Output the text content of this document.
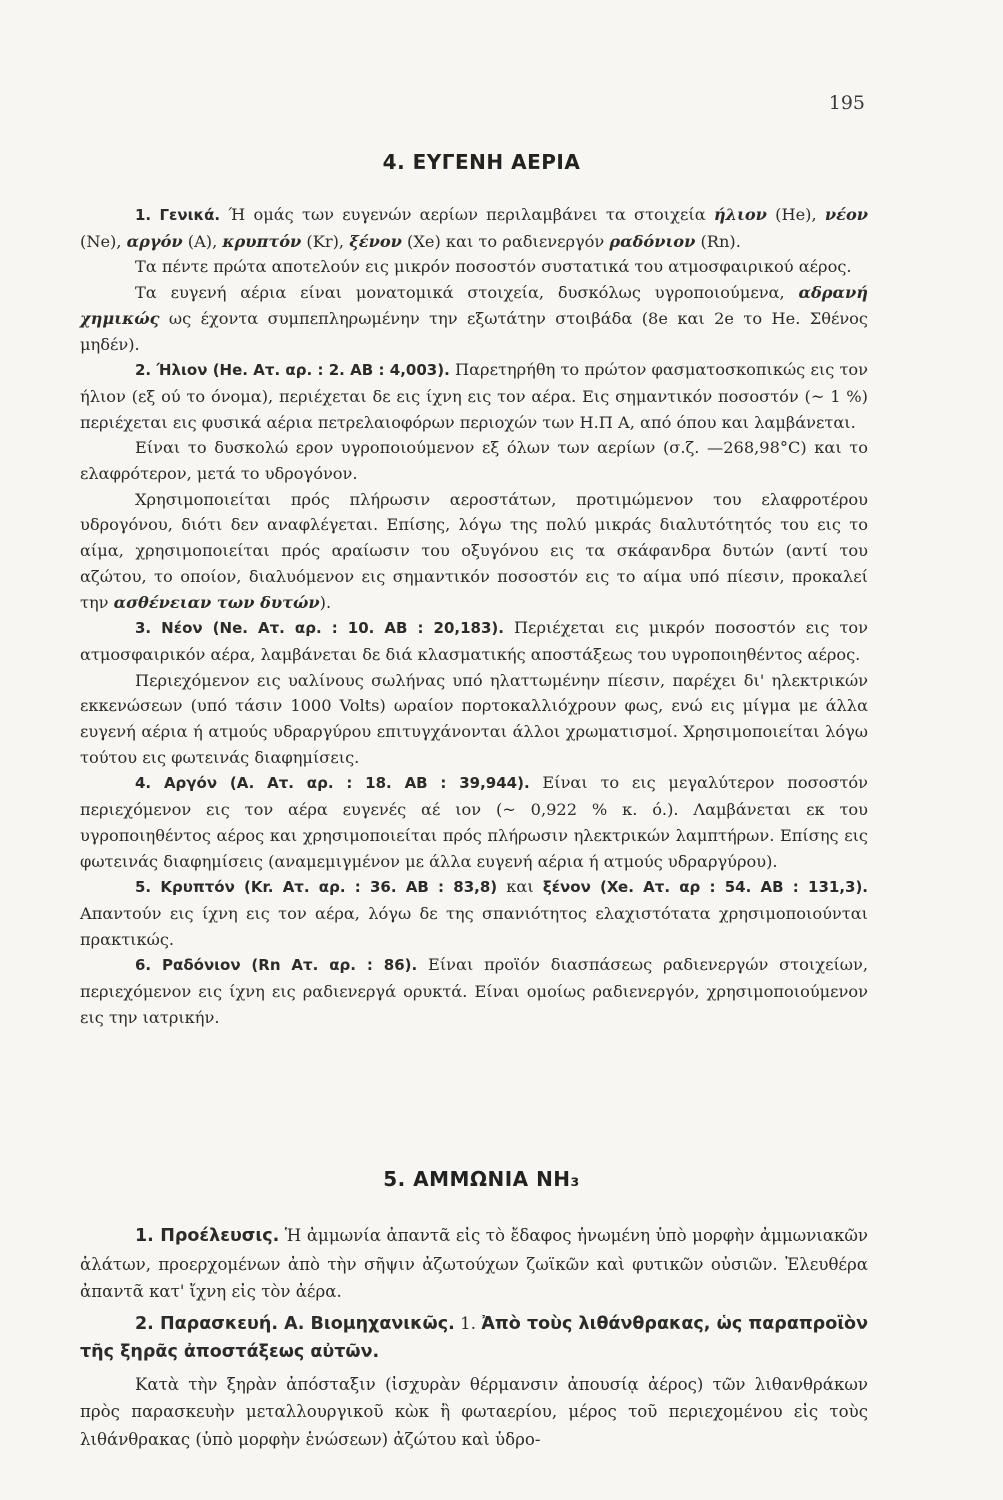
195
4. ΕΥΓΕΝΗ ΑΕΡΙΑ

1. Γενικά. Ή ομάς των ευγενών αερίων περιλαμβάνει τα στοιχεία ήλιον (He), νέον (Ne), αργόν (A), κρυπτόν (Kr), ξένον (Xe) και το ραδιενεργόν ραδόνιον (Rn).

Τα πέντε πρώτα αποτελούν εις μικρόν ποσοστόν συστατικά του ατμοσφαιρικού αέρος.

Τα ευγενή αέρια είναι μονατομικά στοιχεία, δυσκόλως υγροποιούμενα, αδρανή χημικώς ως έχοντα συμπεπληρωμένην την εξωτάτην στοιβάδα (8e και 2e το He. Σθένος μηδέν).

2. Ήλιον (He. Ατ. αρ. : 2. ΑΒ : 4,003). Παρετηρήθη το πρώτον φασματοσκοπικώς εις τον ήλιον (εξ ού το όνομα), περιέχεται δε εις ίχνη εις τον αέρα. Εις σημαντικόν ποσοστόν (~ 1 %) περιέχεται εις φυσικά αέρια πετρελαιοφόρων περιοχών των Η.Π Α, από όπου και λαμβάνεται.

Είναι το δυσκολώ ερον υγροποιούμενον εξ όλων των αερίων (σ.ζ. —268,98°C) και το ελαφρότερον, μετά το υδρογόνον.

Χρησιμοποιείται πρός πλήρωσιν αεροστάτων, προτιμώμενον του ελαφροτέρου υδρογόνου, διότι δεν αναφλέγεται. Επίσης, λόγω της πολύ μικράς διαλυτότητός του εις το αίμα, χρησιμοποιείται πρός αραίωσιν του οξυγόνου εις τα σκάφανδρα δυτών (αντί του αζώτου, το οποίον, διαλυόμενον εις σημαντικόν ποσοστόν εις το αίμα υπό πίεσιν, προκαλεί την ασθένειαν των δυτών).

3. Νέον (Ne. Ατ. αρ. : 10. ΑΒ : 20,183). Περιέχεται εις μικρόν ποσοστόν εις τον ατμοσφαιρικόν αέρα, λαμβάνεται δε διά κλασματικής αποστάξεως του υγροποιηθέντος αέρος.

Περιεχόμενον εις υαλίνους σωλήνας υπό ηλαττωμένην πίεσιν, παρέχει δι' ηλεκτρικών εκκενώσεων (υπό τάσιν 1000 Volts) ωραίον πορτοκαλλιόχρουν φως, ενώ εις μίγμα με άλλα ευγενή αέρια ή ατμούς υδραργύρου επιτυγχάνονται άλλοι χρωματισμοί. Χρησιμοποιείται λόγω τούτου εις φωτεινάς διαφημίσεις.

4. Αργόν (A. Ατ. αρ. : 18. ΑΒ : 39,944). Είναι το εις μεγαλύτερον ποσοστόν περιεχόμενον εις τον αέρα ευγενές αέ ιον (~ 0,922 % κ. ό.). Λαμβάνεται εκ του υγροποιηθέντος αέρος και χρησιμοποιείται πρός πλήρωσιν ηλεκτρικών λαμπτήρων. Επίσης εις φωτεινάς διαφημίσεις (αναμεμιγμένον με άλλα ευγενή αέρια ή ατμούς υδραργύρου).

5. Κρυπτόν (Kr. Ατ. αρ. : 36. ΑΒ : 83,8) και ξένον (Xe. Ατ. αρ : 54. ΑΒ : 131,3). Απαντούν εις ίχνη εις τον αέρα, λόγω δε της σπανιότητος ελαχιστότατα χρησιμοποιούνται πρακτικώς.

6. Ραδόνιον (Rn Ατ. αρ. : 86). Είναι προϊόν διασπάσεως ραδιενεργών στοιχείων, περιεχόμενον εις ίχνη εις ραδιενεργά ορυκτά. Είναι ομοίως ραδιενεργόν, χρησιμοποιούμενον εις την ιατρικήν.

5. ΑΜΜΩΝΙΑ NH₃

1. Προέλευσις. Ἡ ἀμμωνία ἀπαντᾶ εἰς τὸ ἔδαφος ἡνωμένη ὑπὸ μορφὴν ἀμμωνιακῶν ἁλάτων, προερχομένων ἀπὸ τὴν σῆψιν ἀζωτούχων ζωϊκῶν καὶ φυτικῶν οὐσιῶν. Ἐλευθέρα ἀπαντᾶ κατ' ἴχνη εἰς τὸν ἀέρα.

2. Παρασκευή. Α. Βιομηχανικῶς. 1. Ἀπὸ τοὺς λιθάνθρακας, ὡς παραπροϊὸν τῆς ξηρᾶς ἀποστάξεως αὐτῶν.

Κατὰ τὴν ξηρὰν ἀπόσταξιν (ἰσχυρὰν θέρμανσιν ἀπουσίᾳ ἀέρος) τῶν λιθανθράκων πρὸς παρασκευὴν μεταλλουργικοῦ κὼκ ἢ φωταερίου, μέρος τοῦ περιεχομένου εἰς τοὺς λιθάνθρακας (ὑπὸ μορφὴν ἑνώσεων) ἀζώτου καὶ ὑδρο-
